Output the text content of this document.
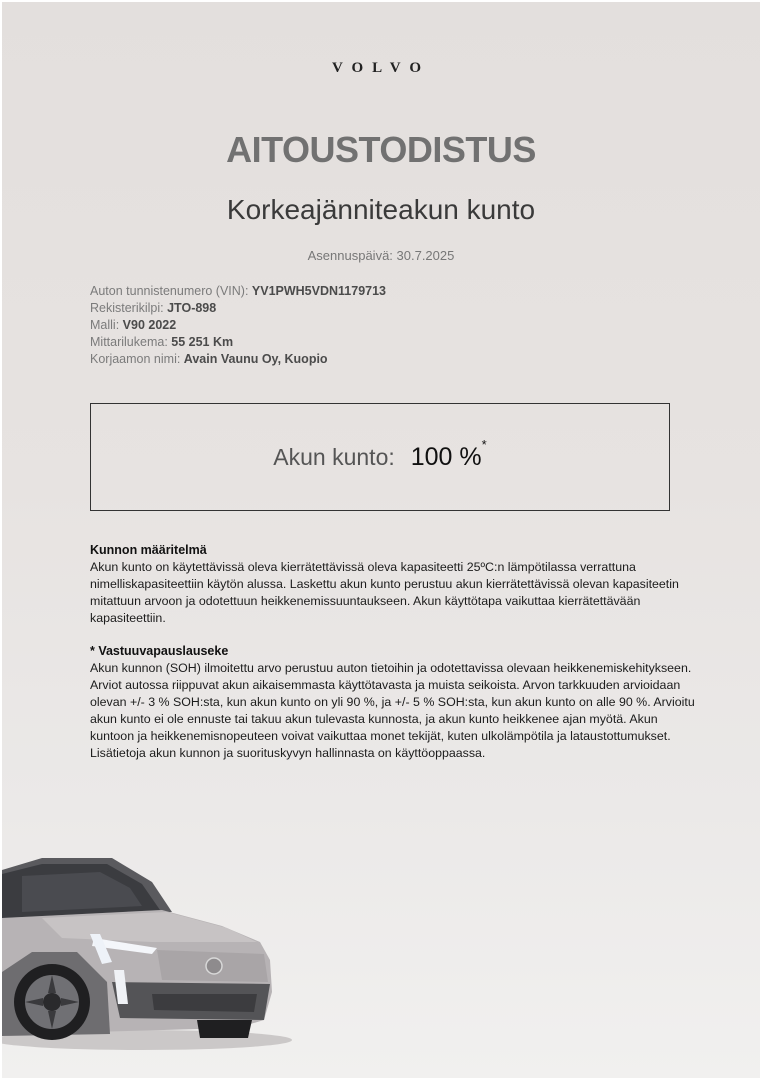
VOLVO
AITOUSTODISTUS
Korkeajänniteakun kunto
Asennuspäivä: 30.7.2025
Auton tunnistenumero (VIN): YV1PWH5VDN1179713
Rekisterikilpi: JTO-898
Malli: V90 2022
Mittarilukema: 55 251 Km
Korjaamon nimi: Avain Vaunu Oy, Kuopio
Akun kunto: 100 %*
Kunnon määritelmä

Akun kunto on käytettävissä oleva kierrätettävissä oleva kapasiteetti 25ºC:n lämpötilassa verrattuna nimelliskapasiteettiin käytön alussa. Laskettu akun kunto perustuu akun kierrätettävissä olevan kapasiteetin mitattuun arvoon ja odotettuun heikkenemissuuntaukseen. Akun käyttötapa vaikuttaa kierrätettävään kapasiteettiin.

* Vastuuvapauslauseke

Akun kunnon (SOH) ilmoitettu arvo perustuu auton tietoihin ja odotettavissa olevaan heikkenemiskehitykseen. Arviot autossa riippuvat akun aikaisemmasta käyttötavasta ja muista seikoista. Arvon tarkkuuden arvioidaan olevan +/- 3 % SOH:sta, kun akun kunto on yli 90 %, ja +/- 5 % SOH:sta, kun akun kunto on alle 90 %. Arvioitu akun kunto ei ole ennuste tai takuu akun tulevasta kunnosta, ja akun kunto heikkenee ajan myötä. Akun kuntoon ja heikkenemisnopeuteen voivat vaikuttaa monet tekijät, kuten ulkolämpötila ja lataustottumukset. Lisätietoja akun kunnon ja suorituskyvyn hallinnasta on käyttöoppaassa.
